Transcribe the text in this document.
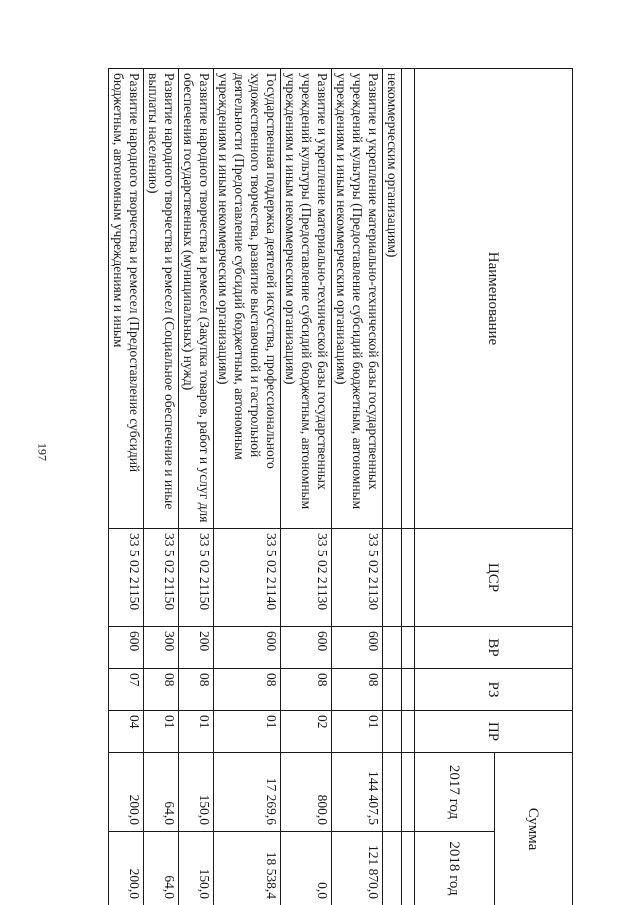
197
Наименование	ЦСР	ВР	РЗ	ПР	Сумма	
					2017 год	2018 год

некоммерческим организациям)						
Развитие и укрепление материально-технической базы государственных учреждений культуры (Предоставление субсидий бюджетным, автономным учреждениям и иным некоммерческим организациям)	33 5 02 21130	600	08	01	144 407,5	121 870,0
Развитие и укрепление материально-технической базы государственных учреждений культуры (Предоставление субсидий бюджетным, автономным учреждениям и иным некоммерческим организациям)	33 5 02 21130	600	08	02	800,0	0,0
Государственная поддержка деятелей искусства, профессионального художественного творчества, развитие выставочной и гастрольной деятельности (Предоставление субсидий бюджетным, автономным учреждениям и иным некоммерческим организациям)	33 5 02 21140	600	08	01	17 269,6	18 538,4
Развитие народного творчества и ремесел (Закупка товаров, работ и услуг для обеспечения государственных (муниципальных) нужд)	33 5 02 21150	200	08	01	150,0	150,0
Развитие народного творчества и ремесел (Социальное обеспечение и иные выплаты населению)	33 5 02 21150	300	08	01	64,0	64,0
Развитие народного творчества и ремесел (Предоставление субсидий бюджетным, автономным учреждениям и иным	33 5 02 21150	600	07	04	200,0	200,0
